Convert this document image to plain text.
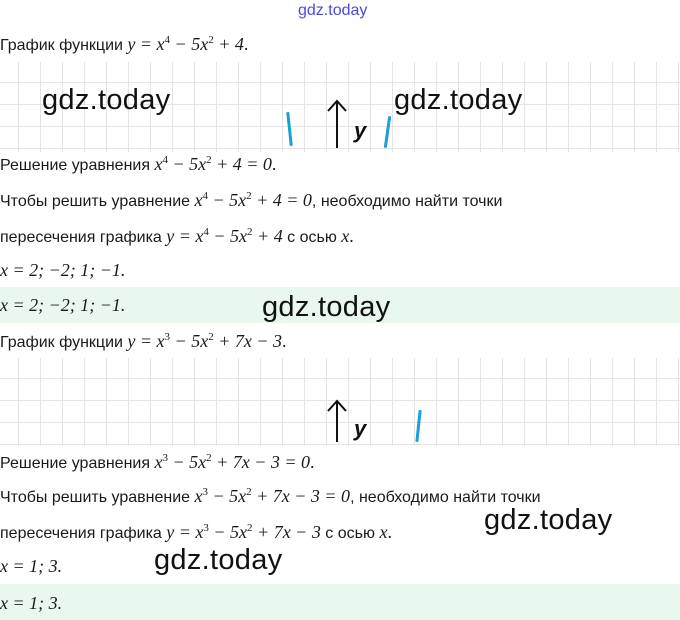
gdz.today
График функции $y = x^4 - 5x^2 + 4$.
gdz.today	gdz.today
y
Решение уравнения $x^4 - 5x^2 + 4 = 0$.
Чтобы решить уравнение $x^4 - 5x^2 + 4 = 0$, необходимо найти точки
пересечения графика $y = x^4 - 5x^2 + 4$ с осью x.
x = 2; −2; 1; −1.
x = 2; −2; 1; −1.	gdz.today
График функции $y = x^3 - 5x^2 + 7x - 3$.
y
Решение уравнения $x^3 - 5x^2 + 7x - 3 = 0$.
Чтобы решить уравнение $x^3 - 5x^2 + 7x - 3 = 0$, необходимо найти точки
пересечения графика $y = x^3 - 5x^2 + 7x - 3$ с осью x.	gdz.today
x = 1; 3.	gdz.today
x = 1; 3.
